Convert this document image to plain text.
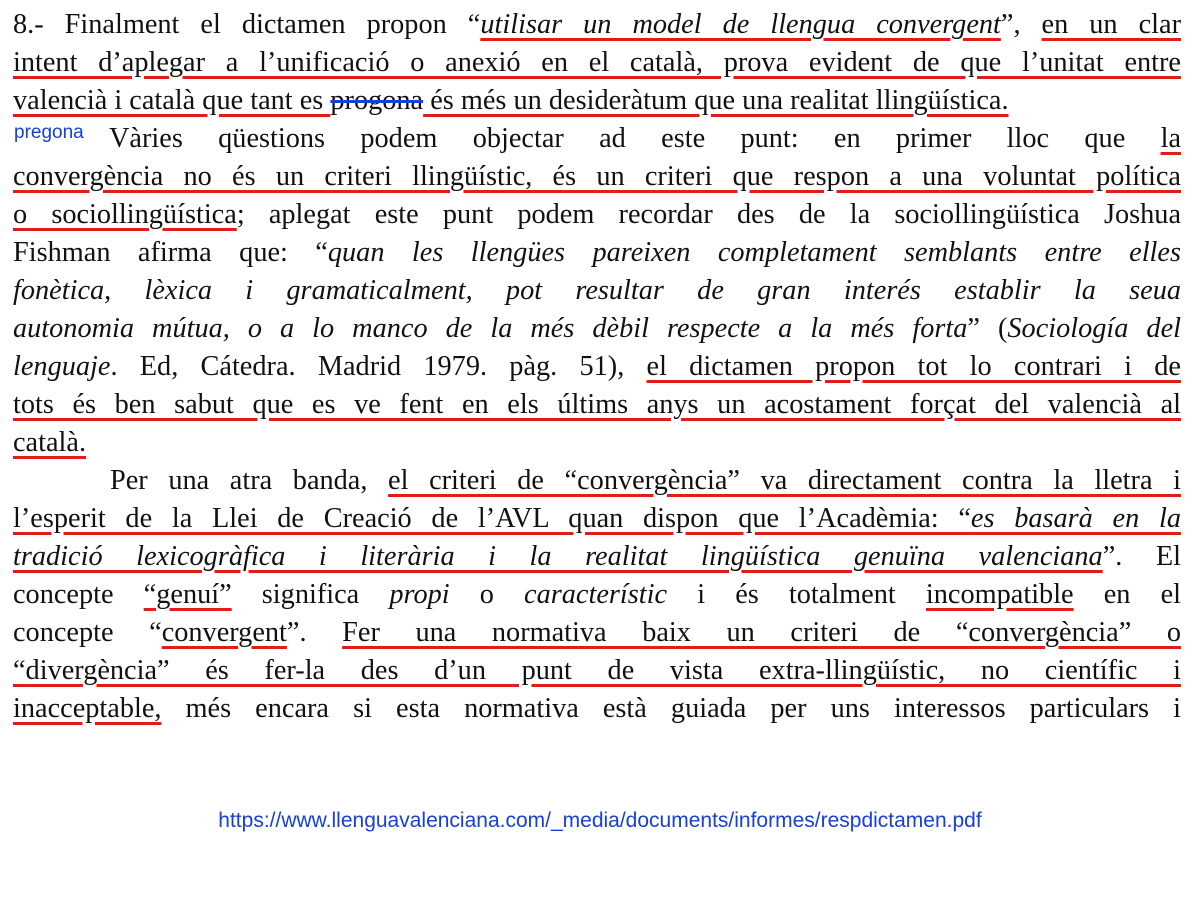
8.- Finalment el dictamen propon “utilisar un model de llengua convergent”, en un clar
intent d’aplegar a l’unificació o anexió en el català, prova evident de que l’unitat entre
valencià i català que tant es progona és més un desideràtum que una realitat llingüística.
pregona Vàries qüestions podem objectar ad este punt: en primer lloc que la
convergència no és un criteri llingüístic, és un criteri que respon a una voluntat política
o sociollingüística; aplegat este punt podem recordar des de la sociollingüística Joshua
Fishman afirma que: “quan les llengües pareixen completament semblants entre elles
fonètica, lèxica i gramaticalment, pot resultar de gran interés establir la seua
autonomia mútua, o a lo manco de la més dèbil respecte a la més forta” (Sociología del
lenguaje. Ed, Cátedra. Madrid 1979. pàg. 51), el dictamen propon tot lo contrari i de
tots és ben sabut que es ve fent en els últims anys un acostament forçat del valencià al
català.
Per una atra banda, el criteri de “convergència” va directament contra la lletra i
l’esperit de la Llei de Creació de l’AVL quan dispon que l’Acadèmia: “es basarà en la
tradició lexicogràfica i literària i la realitat lingüística genuïna valenciana”. El
concepte “genuí” significa propi o característic i és totalment incompatible en el
concepte “convergent”. Fer una normativa baix un criteri de “convergència” o
“divergència” és fer-la des d’un punt de vista extra-llingüístic, no científic i
inacceptable, més encara si esta normativa està guiada per uns interessos particulars i
https://www.llenguavalenciana.com/_media/documents/informes/respdictamen.pdf
